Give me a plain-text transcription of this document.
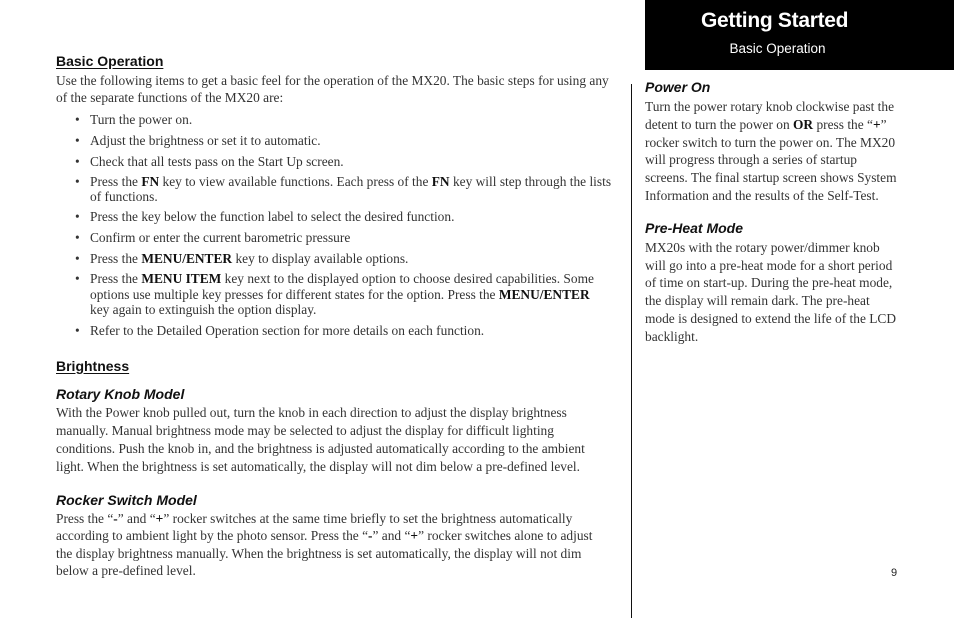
Getting Started
Basic Operation
Basic Operation

Use the following items to get a basic feel for the operation of the MX20. The basic steps for using any of the separate functions of the MX20 are:

• Turn the power on.
• Adjust the brightness or set it to automatic.
• Check that all tests pass on the Start Up screen.
• Press the FN key to view available functions. Each press of the FN key will step through the lists of functions.
• Press the key below the function label to select the desired function.
• Confirm or enter the current barometric pressure
• Press the MENU/ENTER key to display available options.
• Press the MENU ITEM key next to the displayed option to choose desired capabilities. Some options use multiple key presses for different states for the option. Press the MENU/ENTER key again to extinguish the option display.
• Refer to the Detailed Operation section for more details on each function.
Brightness
Rotary Knob Model

With the Power knob pulled out, turn the knob in each direction to adjust the display brightness manually. Manual brightness mode may be selected to adjust the display for difficult lighting conditions. Push the knob in, and the brightness is adjusted automatically according to the ambient light. When the brightness is set automatically, the display will not dim below a pre-defined level.

Rocker Switch Model

Press the “-” and “+” rocker switches at the same time briefly to set the brightness automatically according to ambient light by the photo sensor. Press the “-” and “+” rocker switches alone to adjust the display brightness manually. When the brightness is set automatically, the display will not dim below a pre-defined level.

Power On

Turn the power rotary knob clockwise past the detent to turn the power on OR press the “+” rocker switch to turn the power on. The MX20 will progress through a series of startup screens. The final startup screen shows System Information and the results of the Self-Test.

Pre-Heat Mode

MX20s with the rotary power/dimmer knob will go into a pre-heat mode for a short period of time on start-up. During the pre-heat mode, the display will remain dark. The pre-heat mode is designed to extend the life of the LCD backlight.

9
